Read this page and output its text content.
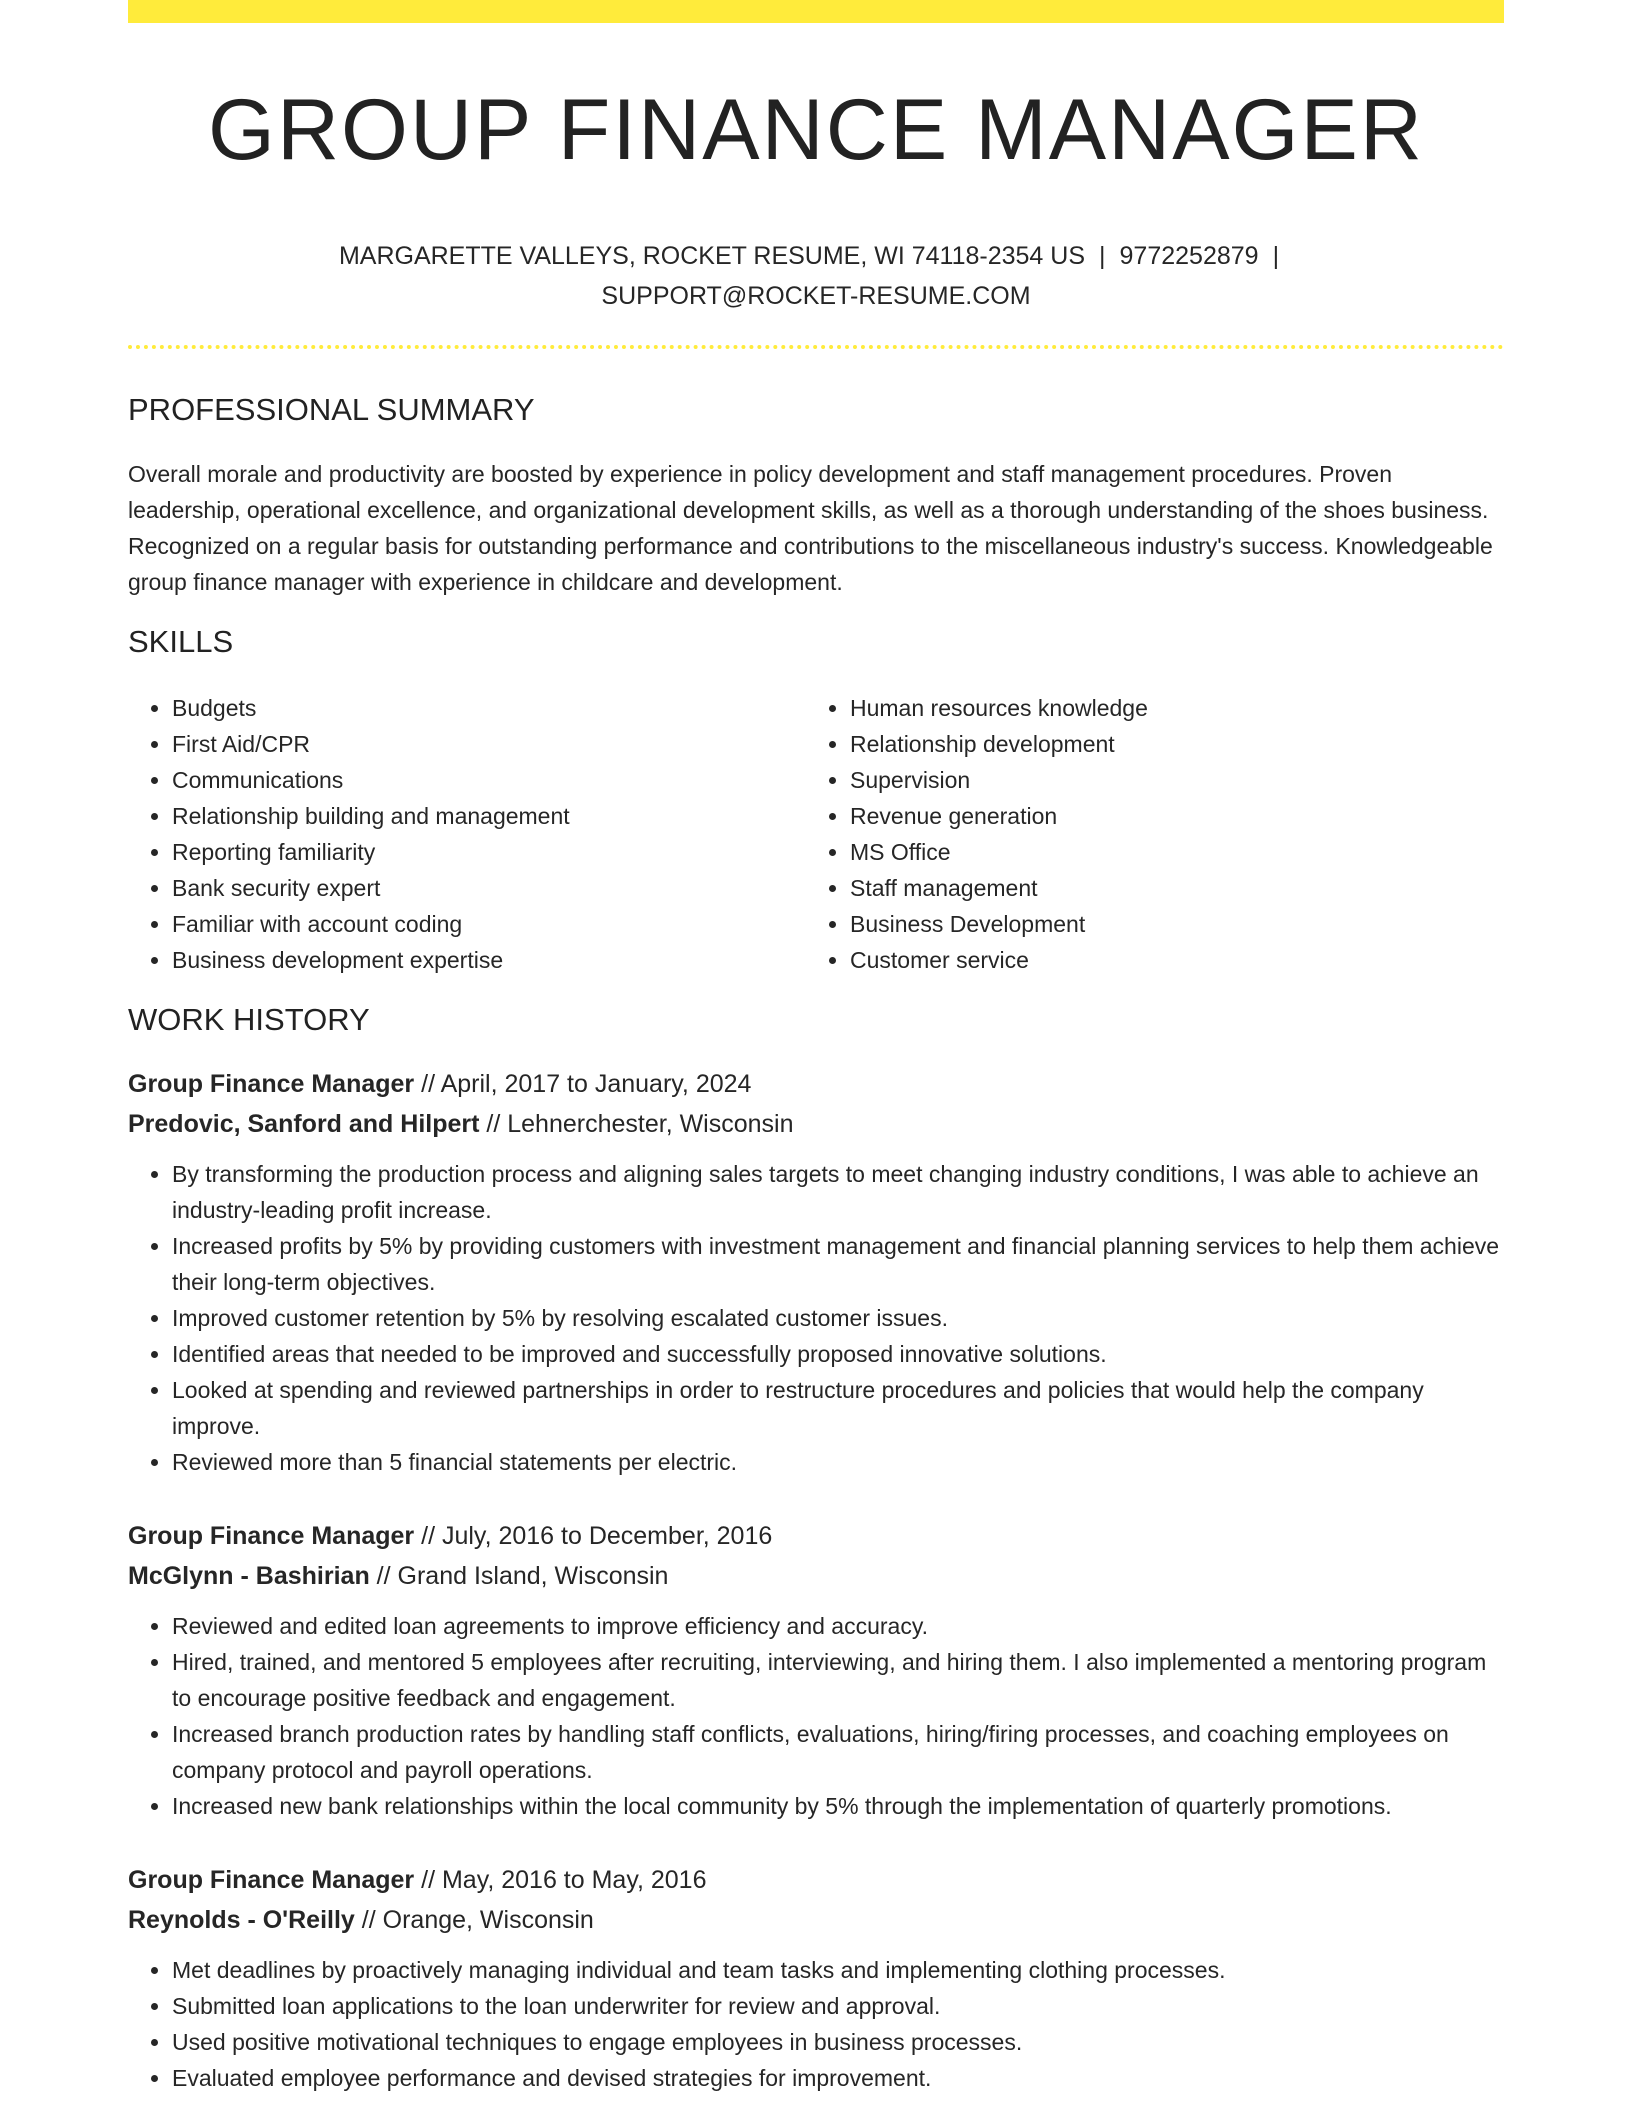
GROUP FINANCE MANAGER
MARGARETTE VALLEYS, ROCKET RESUME, WI 74118-2354 US | 9772252879 |
SUPPORT@ROCKET-RESUME.COM
PROFESSIONAL SUMMARY

Overall morale and productivity are boosted by experience in policy development and staff management procedures. Proven leadership, operational excellence, and organizational development skills, as well as a thorough understanding of the shoes business. Recognized on a regular basis for outstanding performance and contributions to the miscellaneous industry's success. Knowledgeable group finance manager with experience in childcare and development.

SKILLS
• Budgets
• First Aid/CPR
• Communications
• Relationship building and management
• Reporting familiarity
• Bank security expert
• Familiar with account coding
• Business development expertise
• Human resources knowledge
• Relationship development
• Supervision
• Revenue generation
• MS Office
• Staff management
• Business Development
• Customer service
WORK HISTORY

Group Finance Manager // April, 2017 to January, 2024

Predovic, Sanford and Hilpert // Lehnerchester, Wisconsin

• By transforming the production process and aligning sales targets to meet changing industry conditions, I was able to achieve an industry-leading profit increase.
• Increased profits by 5% by providing customers with investment management and financial planning services to help them achieve their long-term objectives.
• Improved customer retention by 5% by resolving escalated customer issues.
• Identified areas that needed to be improved and successfully proposed innovative solutions.
• Looked at spending and reviewed partnerships in order to restructure procedures and policies that would help the company improve.
• Reviewed more than 5 financial statements per electric.

Group Finance Manager // July, 2016 to December, 2016

McGlynn - Bashirian // Grand Island, Wisconsin

• Reviewed and edited loan agreements to improve efficiency and accuracy.
• Hired, trained, and mentored 5 employees after recruiting, interviewing, and hiring them. I also implemented a mentoring program to encourage positive feedback and engagement.
• Increased branch production rates by handling staff conflicts, evaluations, hiring/firing processes, and coaching employees on company protocol and payroll operations.
• Increased new bank relationships within the local community by 5% through the implementation of quarterly promotions.

Group Finance Manager // May, 2016 to May, 2016

Reynolds - O'Reilly // Orange, Wisconsin

• Met deadlines by proactively managing individual and team tasks and implementing clothing processes.
• Submitted loan applications to the loan underwriter for review and approval.
• Used positive motivational techniques to engage employees in business processes.
• Evaluated employee performance and devised strategies for improvement.
